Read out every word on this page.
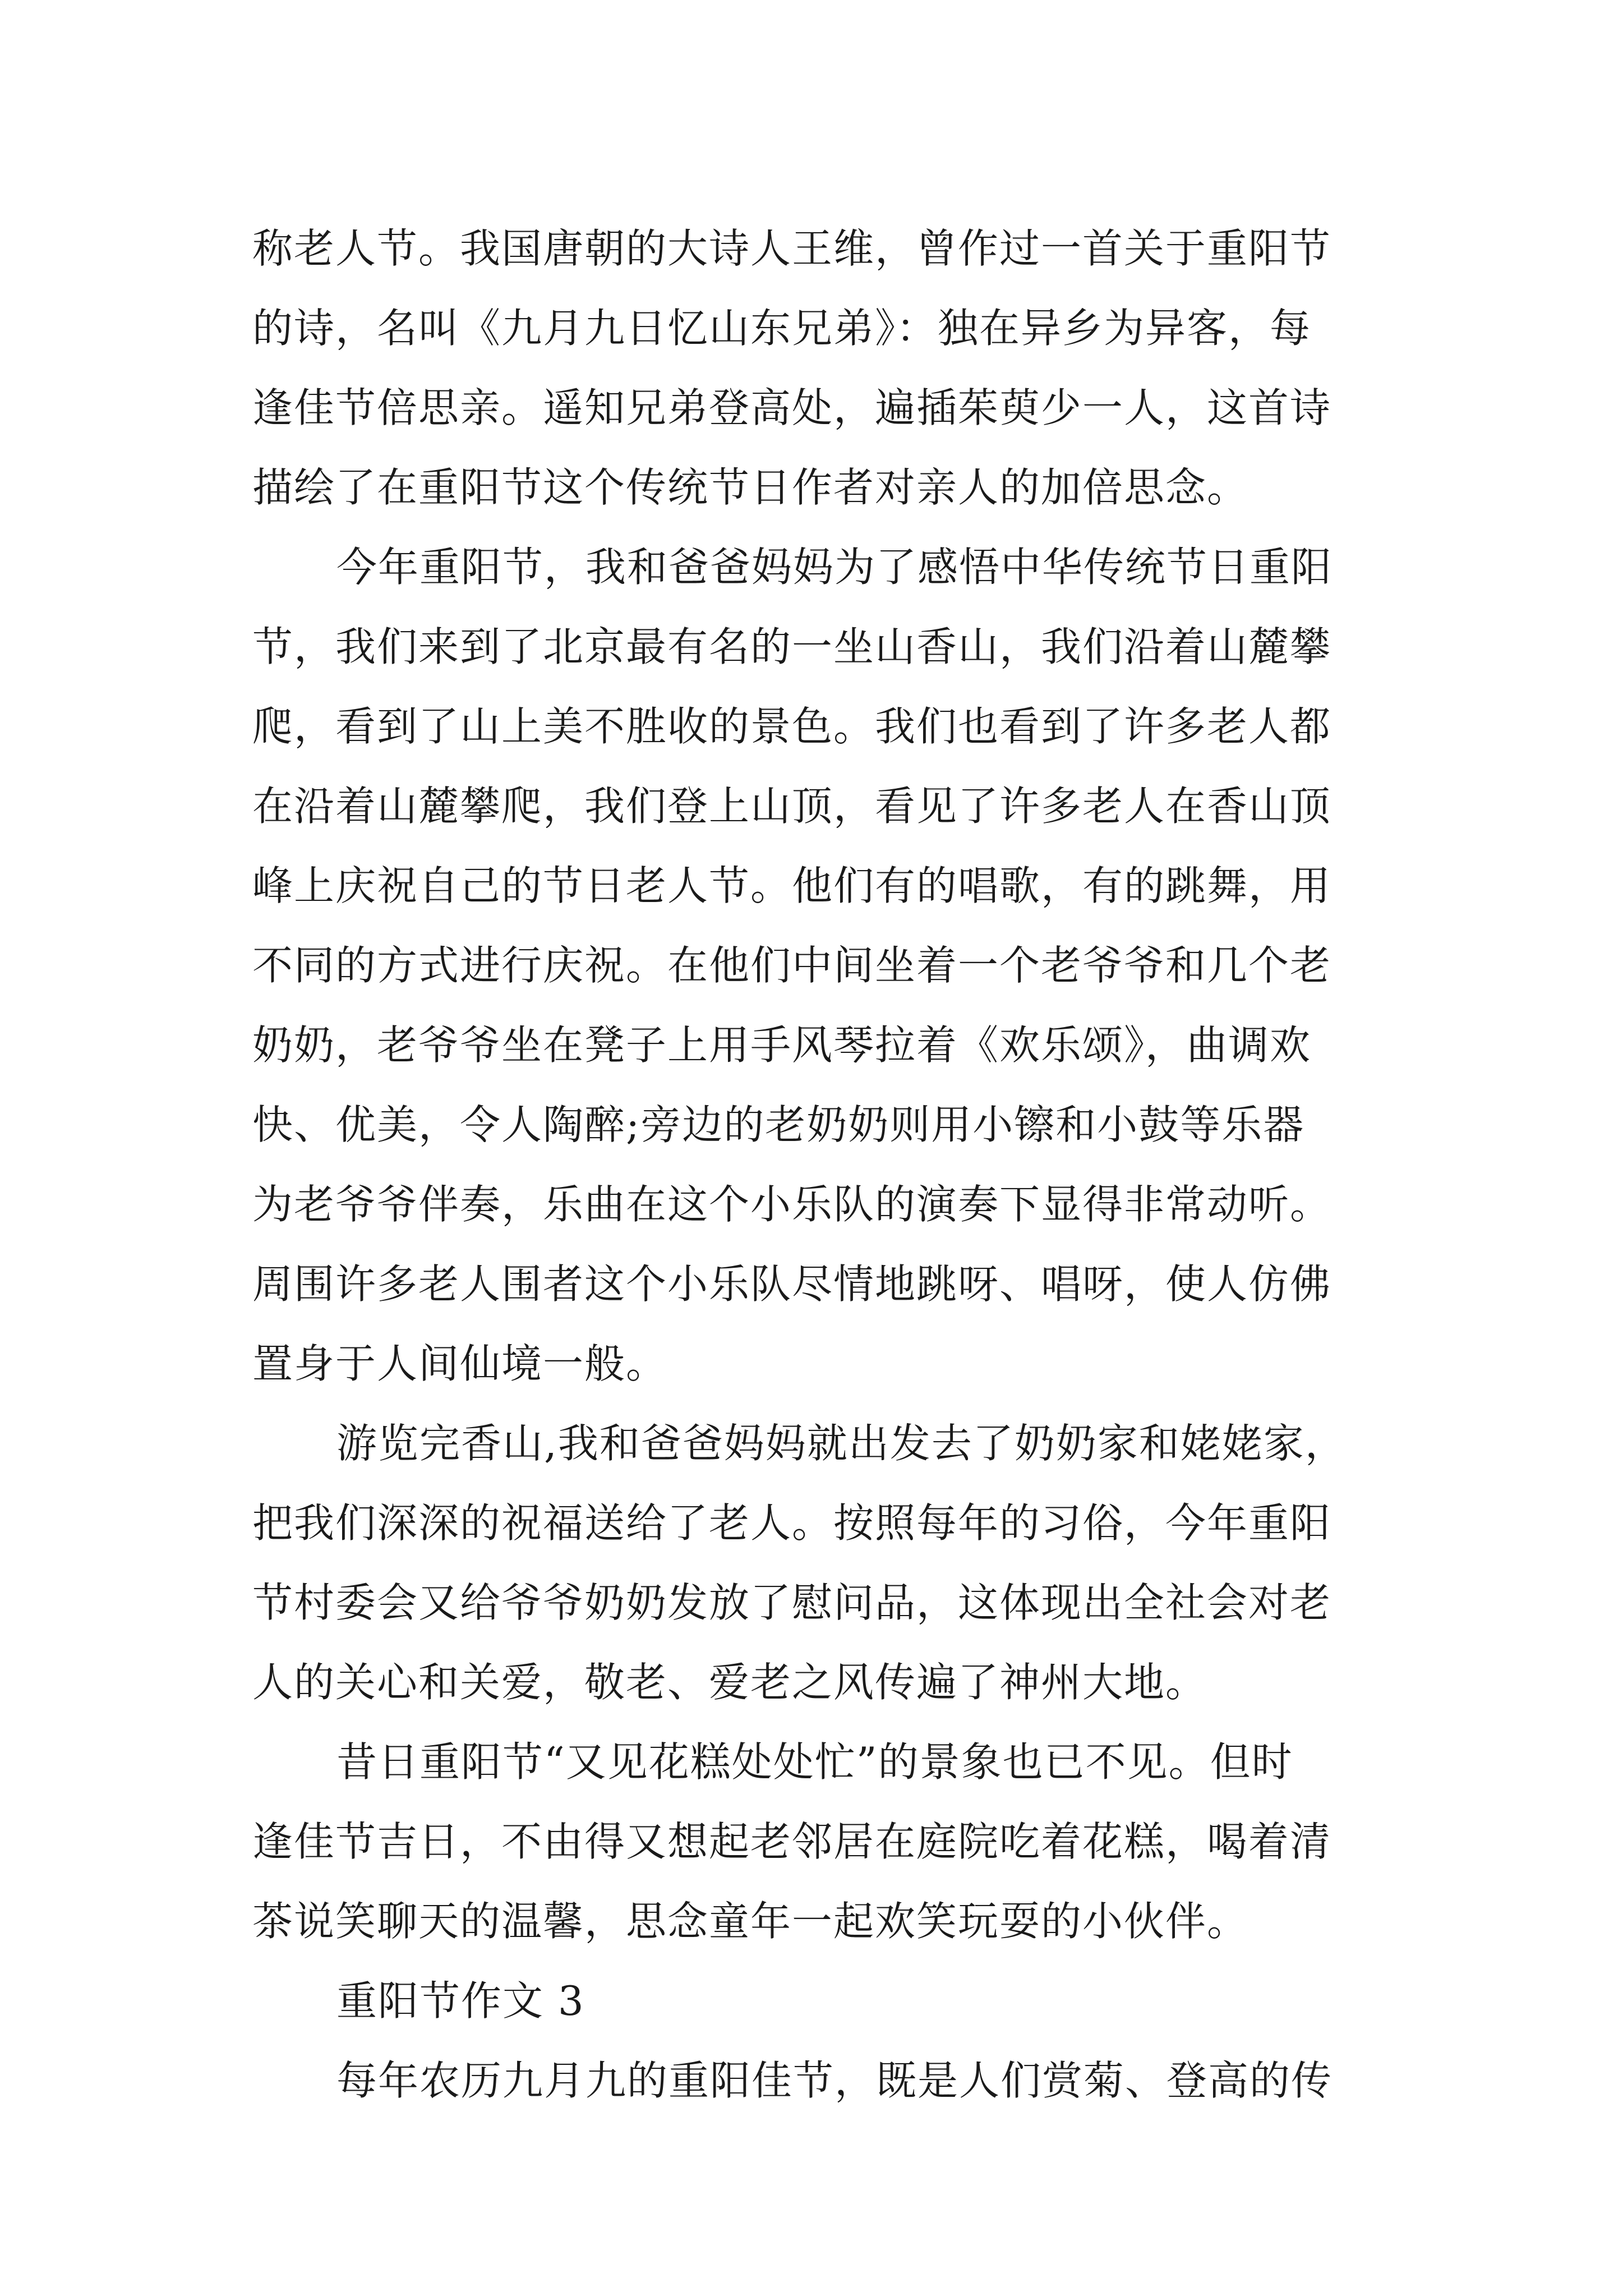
称老人节。我国唐朝的大诗人王维，曾作过一首关于重阳节
的诗，名叫《九月九日忆山东兄弟》：独在异乡为异客，每
逢佳节倍思亲。遥知兄弟登高处，遍插茱萸少一人，这首诗
描绘了在重阳节这个传统节日作者对亲人的加倍思念。
今年重阳节，我和爸爸妈妈为了感悟中华传统节日重阳
节，我们来到了北京最有名的一坐山香山，我们沿着山麓攀
爬，看到了山上美不胜收的景色。我们也看到了许多老人都
在沿着山麓攀爬，我们登上山顶，看见了许多老人在香山顶
峰上庆祝自己的节日老人节。他们有的唱歌，有的跳舞，用
不同的方式进行庆祝。在他们中间坐着一个老爷爷和几个老
奶奶，老爷爷坐在凳子上用手风琴拉着《欢乐颂》，曲调欢
快、优美，令人陶醉;旁边的老奶奶则用小镲和小鼓等乐器
为老爷爷伴奏，乐曲在这个小乐队的演奏下显得非常动听。
周围许多老人围者这个小乐队尽情地跳呀、唱呀，使人仿佛
置身于人间仙境一般。
游览完香山,我和爸爸妈妈就出发去了奶奶家和姥姥家，
把我们深深的祝福送给了老人。按照每年的习俗，今年重阳
节村委会又给爷爷奶奶发放了慰问品，这体现出全社会对老
人的关心和关爱，敬老、爱老之风传遍了神州大地。
昔日重阳节“又见花糕处处忙”的景象也已不见。但时
逢佳节吉日，不由得又想起老邻居在庭院吃着花糕，喝着清
茶说笑聊天的温馨，思念童年一起欢笑玩耍的小伙伴。
重阳节作文 3
每年农历九月九的重阳佳节，既是人们赏菊、登高的传
